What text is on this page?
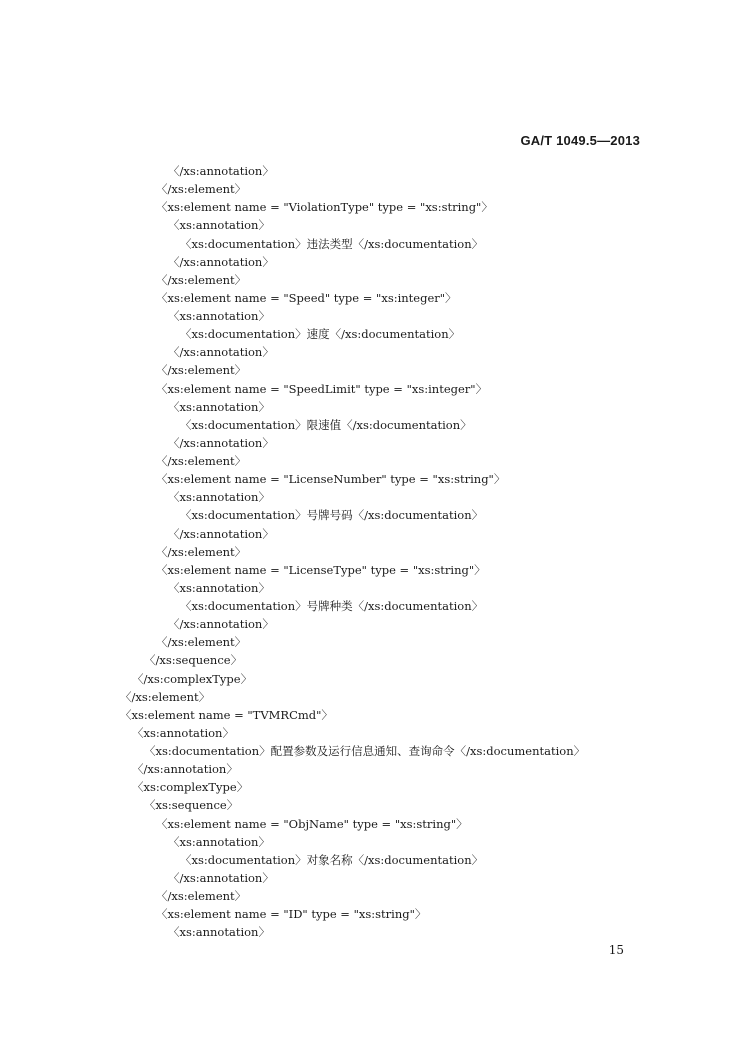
GA/T 1049.5—2013
〈/xs:annotation〉
〈/xs:element〉
〈xs:element name = "ViolationType" type = "xs:string"〉
〈xs:annotation〉
〈xs:documentation〉违法类型〈/xs:documentation〉
〈/xs:annotation〉
〈/xs:element〉
〈xs:element name = "Speed" type = "xs:integer"〉
〈xs:annotation〉
〈xs:documentation〉速度〈/xs:documentation〉
〈/xs:annotation〉
〈/xs:element〉
〈xs:element name = "SpeedLimit" type = "xs:integer"〉
〈xs:annotation〉
〈xs:documentation〉限速值〈/xs:documentation〉
〈/xs:annotation〉
〈/xs:element〉
〈xs:element name = "LicenseNumber" type = "xs:string"〉
〈xs:annotation〉
〈xs:documentation〉号牌号码〈/xs:documentation〉
〈/xs:annotation〉
〈/xs:element〉
〈xs:element name = "LicenseType" type = "xs:string"〉
〈xs:annotation〉
〈xs:documentation〉号牌种类〈/xs:documentation〉
〈/xs:annotation〉
〈/xs:element〉
〈/xs:sequence〉
〈/xs:complexType〉
〈/xs:element〉
〈xs:element name = "TVMRCmd"〉
〈xs:annotation〉
〈xs:documentation〉配置参数及运行信息通知、查询命令〈/xs:documentation〉
〈/xs:annotation〉
〈xs:complexType〉
〈xs:sequence〉
〈xs:element name = "ObjName" type = "xs:string"〉
〈xs:annotation〉
〈xs:documentation〉对象名称〈/xs:documentation〉
〈/xs:annotation〉
〈/xs:element〉
〈xs:element name = "ID" type = "xs:string"〉
〈xs:annotation〉
15
